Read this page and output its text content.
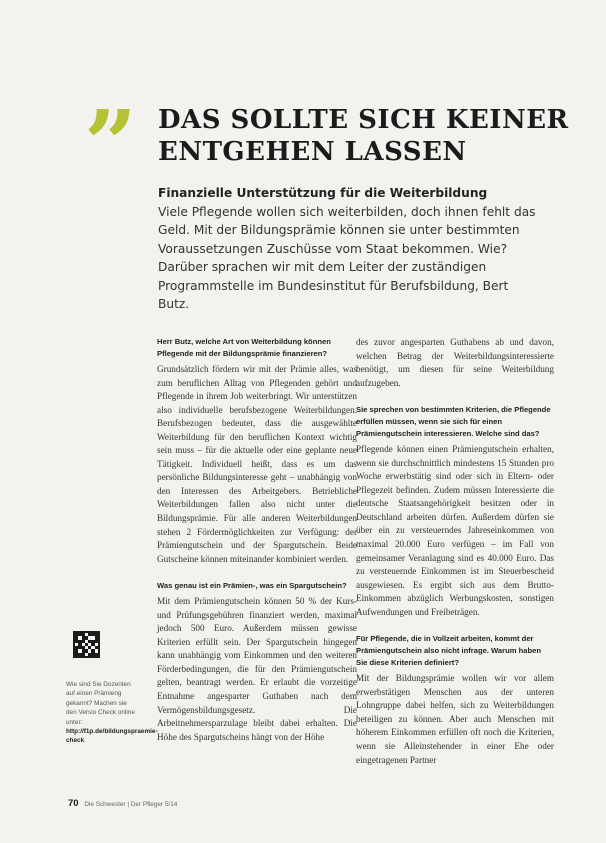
” DAS SOLLTE SICH KEINER
ENTGEHEN LASSEN
Finanzielle Unterstützung für die Weiterbildung
Viele Pflegende wollen sich weiterbilden, doch ihnen fehlt das Geld. Mit der Bildungsprämie können sie unter bestimmten Voraussetzungen Zuschüsse vom Staat bekommen. Wie? Darüber sprachen wir mit dem Leiter der zuständigen Programmstelle im Bundesinstitut für Berufsbildung, Bert Butz.
Herr Butz, welche Art von Weiterbildung können Pflegende mit der Bildungsprämie finanzieren?
Grundsätzlich fördern wir mit der Prämie alles, was zum beruflichen Alltag von Pflegenden gehört und Pflegende in ihrem Job weiterbringt. Wir unterstützen also individuelle berufsbezogene Weiterbildungen. Berufsbezogen bedeutet, dass die ausgewählte Weiterbildung für den beruflichen Kontext wichtig sein muss – für die aktuelle oder eine geplante neue Tätigkeit. Individuell heißt, dass es um das persönliche Bildungsinteresse geht – unabhängig von den Interessen des Arbeitgebers. Betriebliche Weiterbildungen fallen also nicht unter die Bildungsprämie. Für alle anderen Weiterbildungen stehen 2 Fördermöglichkeiten zur Verfügung: der Prämiengutschein und der Spargutschein. Beide Gutscheine können miteinander kombiniert werden.
Was genau ist ein Prämien-, was ein Spargutschein?
Mit dem Prämiengutschein können 50 % der Kurs- und Prüfungsgebühren finanziert werden, maximal jedoch 500 Euro. Außerdem müssen gewisse Kriterien erfüllt sein. Der Spargutschein hingegen kann unabhängig vom Einkommen und den weiteren Förderbedingungen, die für den Prämiengutschein gelten, beantragt werden. Er erlaubt die vorzeitige Entnahme angesparter Guthaben nach dem Vermögensbildungsgesetz. Die Arbeitnehmersparzulage bleibt dabei erhalten. Die Höhe des Spargutscheins hängt von der Höhe
des zuvor angesparten Guthabens ab und davon, welchen Betrag der Weiterbildungsinteressierte benötigt, um diesen für seine Weiterbildung aufzugeben.
Sie sprechen von bestimmten Kriterien, die Pflegende erfüllen müssen, wenn sie sich für einen Prämiengutschein interessieren. Welche sind das?
Pflegende können einen Prämiengutschein erhalten, wenn sie durchschnittlich mindestens 15 Stunden pro Woche erwerbstätig sind oder sich in Eltern- oder Pflegezeit befinden. Zudem müssen Interessierte die deutsche Staatsangehörigkeit besitzen oder in Deutschland arbeiten dürfen. Außerdem dürfen sie über ein zu versteuerndes Jahreseinkommen von maximal 20.000 Euro verfügen – im Fall von gemeinsamer Veranlagung sind es 40.000 Euro. Das zu versteuernde Einkommen ist im Steuerbescheid ausgewiesen. Es ergibt sich aus dem Brutto-Einkommen abzüglich Werbungskosten, sonstigen Aufwendungen und Freibeträgen.
Für Pflegende, die in Vollzeit arbeiten, kommt der Prämiengutschein also nicht infrage. Warum haben Sie diese Kriterien definiert?
Mit der Bildungsprämie wollen wir vor allem erwerbstätigen Menschen aus der unteren Lohngruppe dabei helfen, sich zu Weiterbildungen beteiligen zu können. Aber auch Menschen mit höherem Einkommen erfüllen oft noch die Kriterien, wenn sie Alleinstehender in einer Ehe oder eingetragenen Partner
Wie sind Sie Dozenten auf einen Prämieng gekannt? Machen sie den Versio Check online unter:
http://f1p.de/bildungspraemie-check
70 Die Schwester | Der Pfleger 5/14
